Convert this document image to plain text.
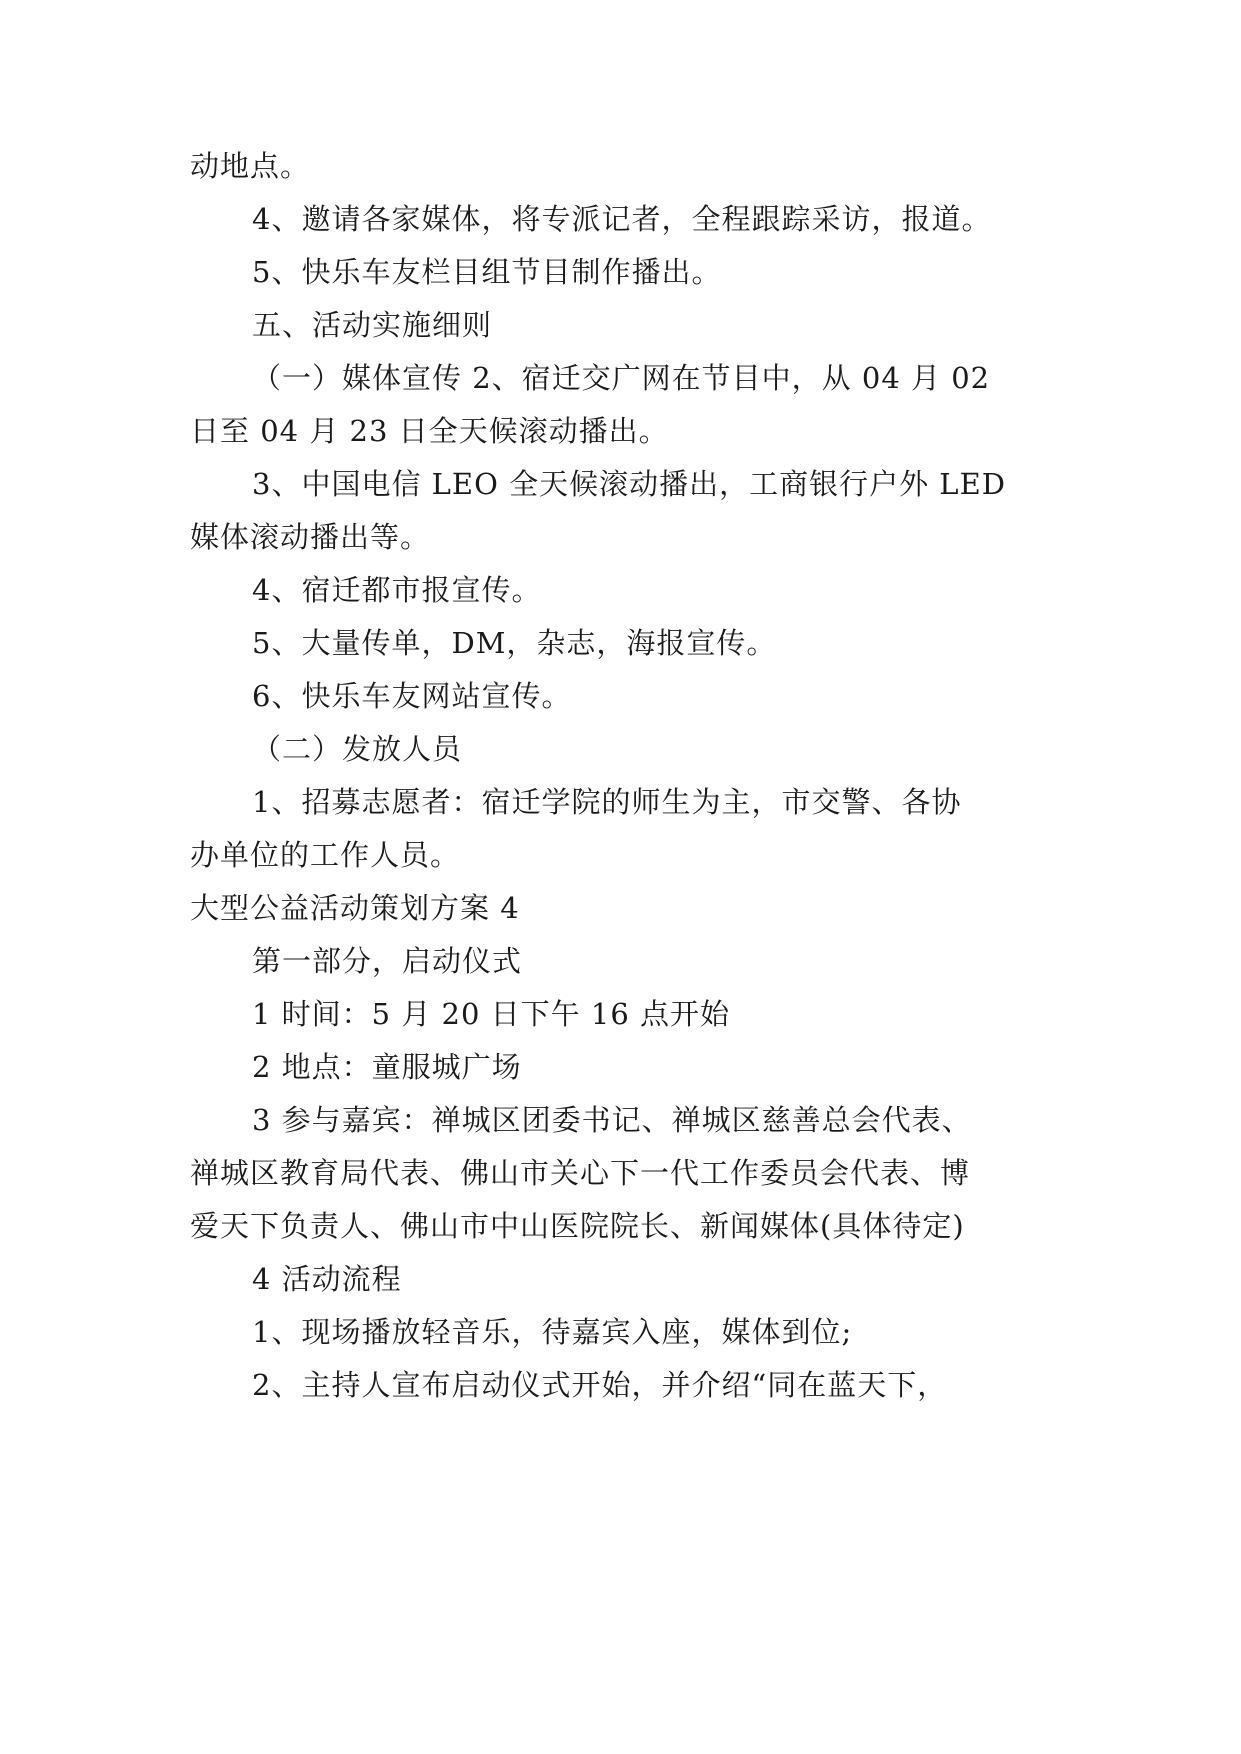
动地点。
4、邀请各家媒体，将专派记者，全程跟踪采访，报道。
5、快乐车友栏目组节目制作播出。
五、活动实施细则
（一）媒体宣传 2、宿迁交广网在节目中，从 04 月 02
日至 04 月 23 日全天候滚动播出。
3、中国电信 LEO 全天候滚动播出，工商银行户外 LED
媒体滚动播出等。
4、宿迁都市报宣传。
5、大量传单，DM，杂志，海报宣传。
6、快乐车友网站宣传。
（二）发放人员
1、招募志愿者：宿迁学院的师生为主，市交警、各协
办单位的工作人员。
大型公益活动策划方案 4
第一部分，启动仪式
1 时间：5 月 20 日下午 16 点开始
2 地点：童服城广场
3 参与嘉宾：禅城区团委书记、禅城区慈善总会代表、
禅城区教育局代表、佛山市关心下一代工作委员会代表、博
爱天下负责人、佛山市中山医院院长、新闻媒体(具体待定)
4 活动流程
1、现场播放轻音乐，待嘉宾入座，媒体到位;
2、主持人宣布启动仪式开始，并介绍“同在蓝天下，
